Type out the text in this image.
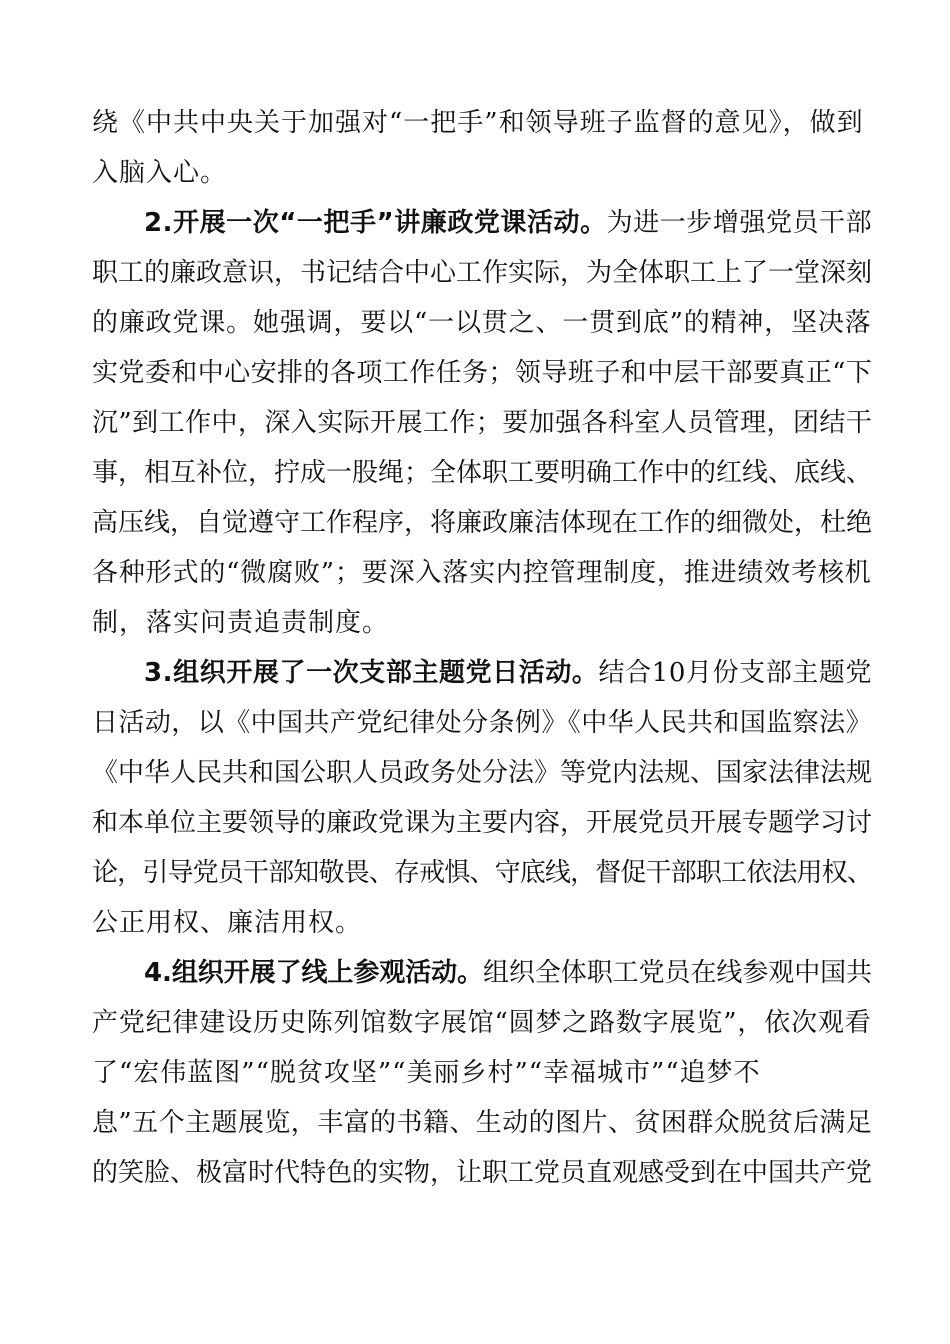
绕《中共中央关于加强对“一把手”和领导班子监督的意见》，做到
入脑入心。
2.开展一次“一把手”讲廉政党课活动。为进一步增强党员干部
职工的廉政意识，书记结合中心工作实际，为全体职工上了一堂深刻
的廉政党课。她强调，要以“一以贯之、一贯到底”的精神，坚决落
实党委和中心安排的各项工作任务；领导班子和中层干部要真正“下
沉”到工作中，深入实际开展工作；要加强各科室人员管理，团结干
事，相互补位，拧成一股绳；全体职工要明确工作中的红线、底线、
高压线，自觉遵守工作程序，将廉政廉洁体现在工作的细微处，杜绝
各种形式的“微腐败”；要深入落实内控管理制度，推进绩效考核机
制，落实问责追责制度。
3.组织开展了一次支部主题党日活动。结合10月份支部主题党
日活动，以《中国共产党纪律处分条例》《中华人民共和国监察法》
《中华人民共和国公职人员政务处分法》等党内法规、国家法律法规
和本单位主要领导的廉政党课为主要内容，开展党员开展专题学习讨
论，引导党员干部知敬畏、存戒惧、守底线，督促干部职工依法用权、
公正用权、廉洁用权。
4.组织开展了线上参观活动。组织全体职工党员在线参观中国共
产党纪律建设历史陈列馆数字展馆“圆梦之路数字展览”，依次观看
了“宏伟蓝图”“脱贫攻坚”“美丽乡村”“幸福城市”“追梦不
息”五个主题展览，丰富的书籍、生动的图片、贫困群众脱贫后满足
的笑脸、极富时代特色的实物，让职工党员直观感受到在中国共产党
